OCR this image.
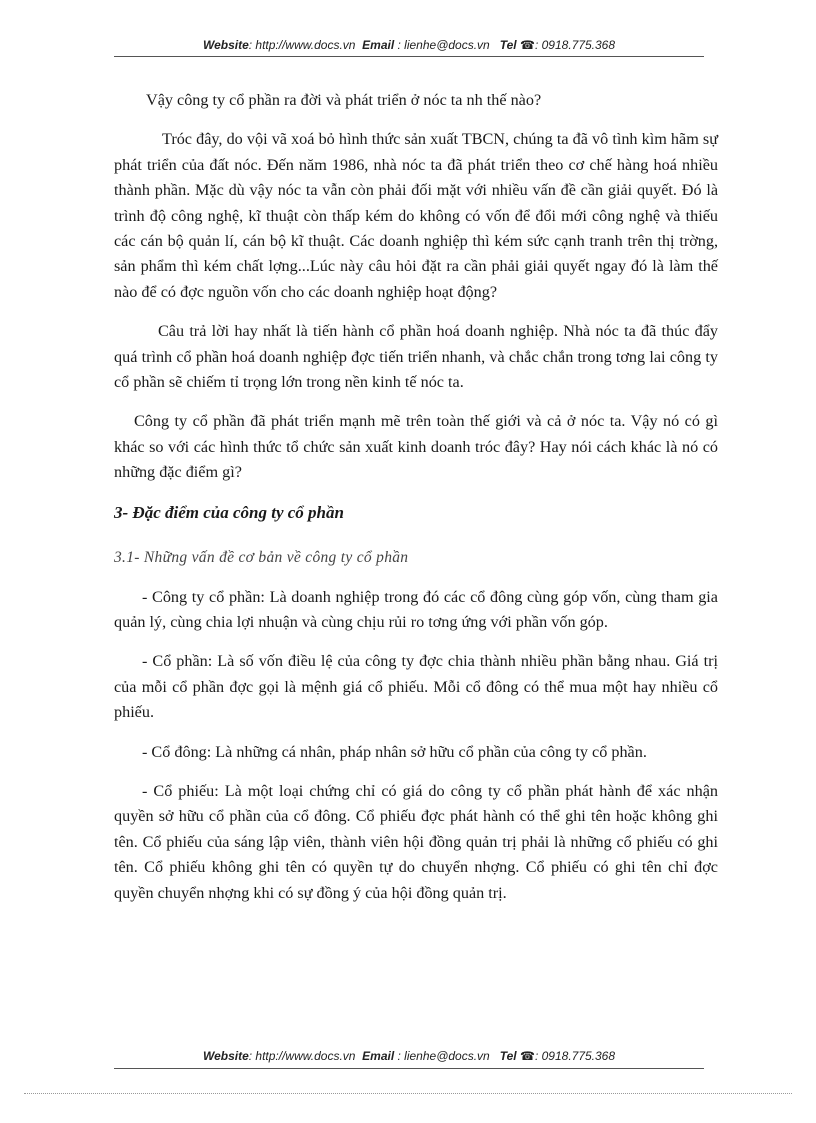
Website: http://www.docs.vn Email : lienhe@docs.vn Tel ☎: 0918.775.368

Vậy công ty cổ phần ra đời và phát triển ở nóc ta nh thế nào?

Tróc đây, do vội vã xoá bỏ hình thức sản xuất TBCN, chúng ta đã vô tình kìm hãm sự phát triển của đất nóc. Đến năm 1986, nhà nóc ta đã phát triển theo cơ chế hàng hoá nhiều thành phần. Mặc dù vậy nóc ta vẫn còn phải đối mặt với nhiều vấn đề cần giải quyết. Đó là trình độ công nghệ, kĩ thuật còn thấp kém do không có vốn để đổi mới công nghệ và thiếu các cán bộ quản lí, cán bộ kĩ thuật. Các doanh nghiệp thì kém sức cạnh tranh trên thị trờng, sản phẩm thì kém chất lợng...Lúc này câu hỏi đặt ra cần phải giải quyết ngay đó là làm thế nào để có đợc nguồn vốn cho các doanh nghiệp hoạt động?

Câu trả lời hay nhất là tiến hành cổ phần hoá doanh nghiệp. Nhà nóc ta đã thúc đẩy quá trình cổ phần hoá doanh nghiệp đợc tiến triển nhanh, và chắc chắn trong tơng lai công ty cổ phần sẽ chiếm tỉ trọng lớn trong nền kinh tế nóc ta.

Công ty cổ phần đã phát triển mạnh mẽ trên toàn thế giới và cả ở nóc ta. Vậy nó có gì khác so với các hình thức tổ chức sản xuất kinh doanh tróc đây? Hay nói cách khác là nó có những đặc điểm gì?

3- Đặc điểm của công ty cổ phần

3.1- Những vấn đề cơ bản về công ty cổ phần

- Công ty cổ phần: Là doanh nghiệp trong đó các cổ đông cùng góp vốn, cùng tham gia quản lý, cùng chia lợi nhuận và cùng chịu rủi ro tơng ứng với phần vốn góp.

- Cổ phần: Là số vốn điều lệ của công ty đợc chia thành nhiều phần bằng nhau. Giá trị của mỗi cổ phần đợc gọi là mệnh giá cổ phiếu. Mỗi cổ đông có thể mua một hay nhiều cổ phiếu.

- Cổ đông: Là những cá nhân, pháp nhân sở hữu cổ phần của công ty cổ phần.

- Cổ phiếu: Là một loại chứng chỉ có giá do công ty cổ phần phát hành để xác nhận quyền sở hữu cổ phần của cổ đông. Cổ phiếu đợc phát hành có thể ghi tên hoặc không ghi tên. Cổ phiếu của sáng lập viên, thành viên hội đồng quản trị phải là những cổ phiếu có ghi tên. Cổ phiếu không ghi tên có quyền tự do chuyển nhợng. Cổ phiếu có ghi tên chỉ đợc quyền chuyển nhợng khi có sự đồng ý của hội đồng quản trị.

Website: http://www.docs.vn Email : lienhe@docs.vn Tel ☎: 0918.775.368
